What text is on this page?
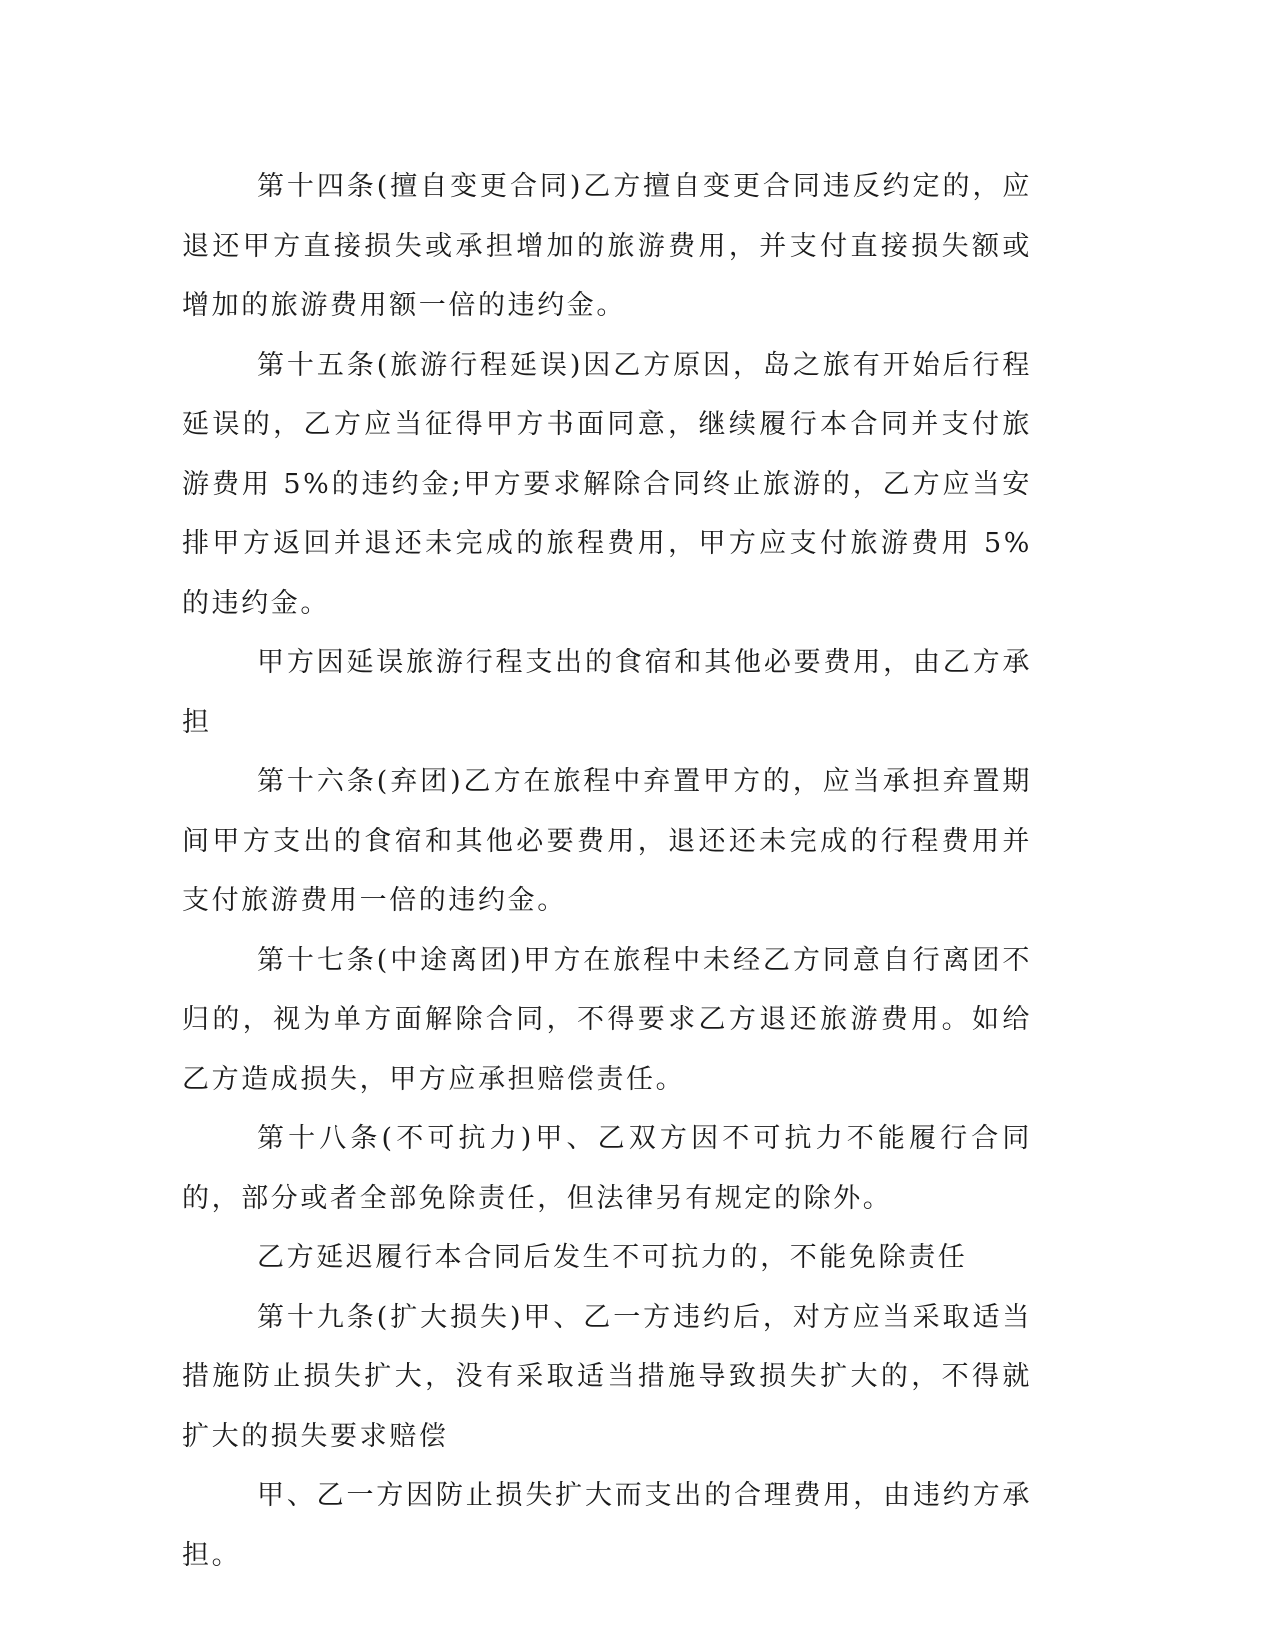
第十四条(擅自变更合同)乙方擅自变更合同违反约定的，应退还甲方直接损失或承担增加的旅游费用，并支付直接损失额或增加的旅游费用额一倍的违约金。

第十五条(旅游行程延误)因乙方原因，岛之旅有开始后行程延误的，乙方应当征得甲方书面同意，继续履行本合同并支付旅游费用 5%的违约金;甲方要求解除合同终止旅游的，乙方应当安排甲方返回并退还未完成的旅程费用，甲方应支付旅游费用 5%的违约金。

甲方因延误旅游行程支出的食宿和其他必要费用，由乙方承担

第十六条(弃团)乙方在旅程中弃置甲方的，应当承担弃置期间甲方支出的食宿和其他必要费用，退还还未完成的行程费用并支付旅游费用一倍的违约金。

第十七条(中途离团)甲方在旅程中未经乙方同意自行离团不归的，视为单方面解除合同，不得要求乙方退还旅游费用。如给乙方造成损失，甲方应承担赔偿责任。

第十八条(不可抗力)甲、乙双方因不可抗力不能履行合同的，部分或者全部免除责任，但法律另有规定的除外。

乙方延迟履行本合同后发生不可抗力的，不能免除责任

第十九条(扩大损失)甲、乙一方违约后，对方应当采取适当措施防止损失扩大，没有采取适当措施导致损失扩大的，不得就扩大的损失要求赔偿

甲、乙一方因防止损失扩大而支出的合理费用，由违约方承担。
